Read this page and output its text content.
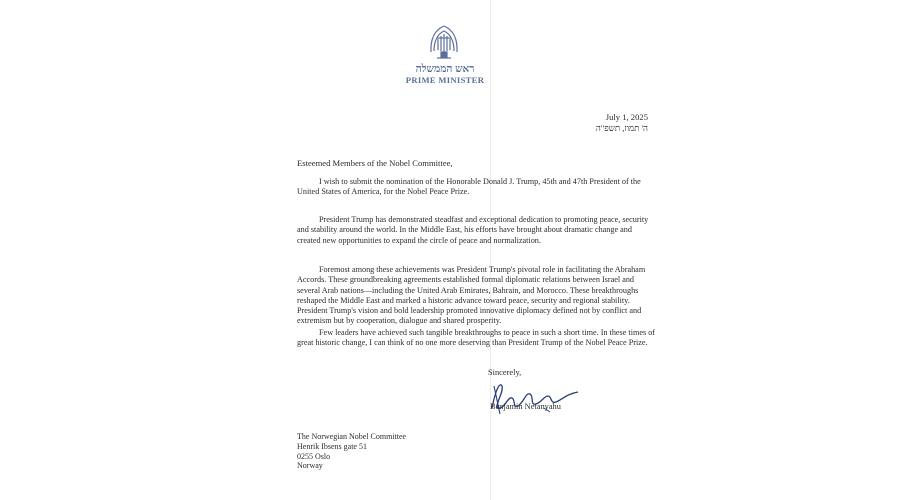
ראש הממשלה
PRIME MINISTER
July 1, 2025
ה' תמוז, תשפ"ה
Esteemed Members of the Nobel Committee,

I wish to submit the nomination of the Honorable Donald J. Trump, 45th and 47th President of the United States of America, for the Nobel Peace Prize.

President Trump has demonstrated steadfast and exceptional dedication to promoting peace, security and stability around the world. In the Middle East, his efforts have brought about dramatic change and created new opportunities to expand the circle of peace and normalization.

Foremost among these achievements was President Trump's pivotal role in facilitating the Abraham Accords. These groundbreaking agreements established formal diplomatic relations between Israel and several Arab nations—including the United Arab Emirates, Bahrain, and Morocco. These breakthroughs reshaped the Middle East and marked a historic advance toward peace, security and regional stability. President Trump's vision and bold leadership promoted innovative diplomacy defined not by conflict and extremism but by cooperation, dialogue and shared prosperity.

Few leaders have achieved such tangible breakthroughs to peace in such a short time. In these times of great historic change, I can think of no one more deserving than President Trump of the Nobel Peace Prize.

Sincerely,
Benjamin Netanyahu
The Norwegian Nobel Committee
Henrik Ibsens gate 51
0255 Oslo
Norway
